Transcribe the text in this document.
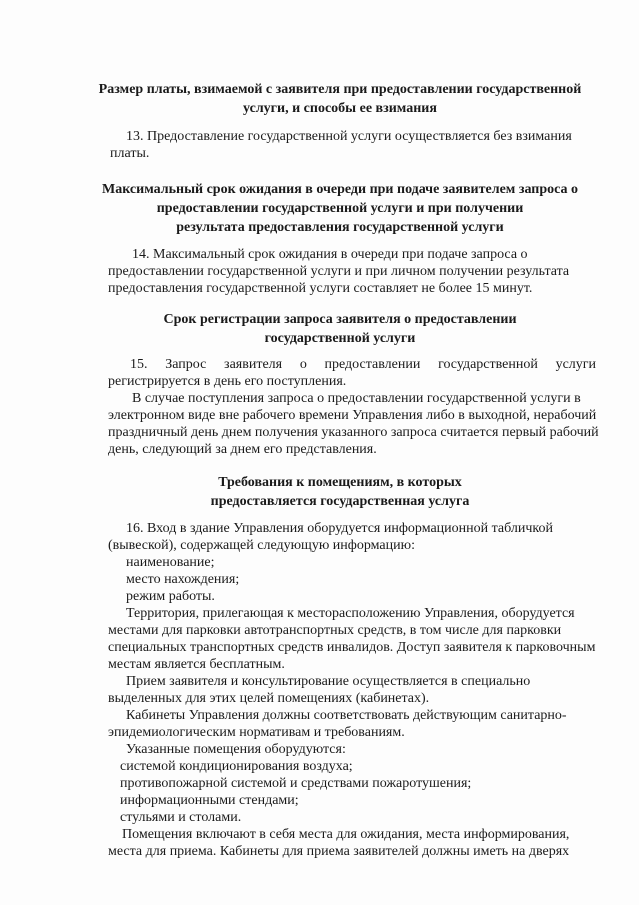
Размер платы, взимаемой с заявителя при предоставлении государственной
услуги, и способы ее взимания
13. Предоставление государственной услуги осуществляется без взимания
платы.
Максимальный срок ожидания в очереди при подаче заявителем запроса о
предоставлении государственной услуги и при получении
результата предоставления государственной услуги
14. Максимальный срок ожидания в очереди при подаче запроса о
предоставлении государственной услуги и при личном получении результата
предоставления государственной услуги составляет не более 15 минут.
Срок регистрации запроса заявителя о предоставлении
государственной услуги
15. Запрос заявителя о предоставлении государственной услуги
регистрируется в день его поступления.
В случае поступления запроса о предоставлении государственной услуги в
электронном виде вне рабочего времени Управления либо в выходной, нерабочий
праздничный день днем получения указанного запроса считается первый рабочий
день, следующий за днем его представления.
Требования к помещениям, в которых
предоставляется государственная услуга
16. Вход в здание Управления оборудуется информационной табличкой
(вывеской), содержащей следующую информацию:
наименование;
место нахождения;
режим работы.
Территория, прилегающая к месторасположению Управления, оборудуется
местами для парковки автотранспортных средств, в том числе для парковки
специальных транспортных средств инвалидов. Доступ заявителя к парковочным
местам является бесплатным.
Прием заявителя и консультирование осуществляется в специально
выделенных для этих целей помещениях (кабинетах).
Кабинеты Управления должны соответствовать действующим санитарно-
эпидемиологическим нормативам и требованиям.
Указанные помещения оборудуются:
системой кондиционирования воздуха;
противопожарной системой и средствами пожаротушения;
информационными стендами;
стульями и столами.
Помещения включают в себя места для ожидания, места информирования,
места для приема. Кабинеты для приема заявителей должны иметь на дверях
